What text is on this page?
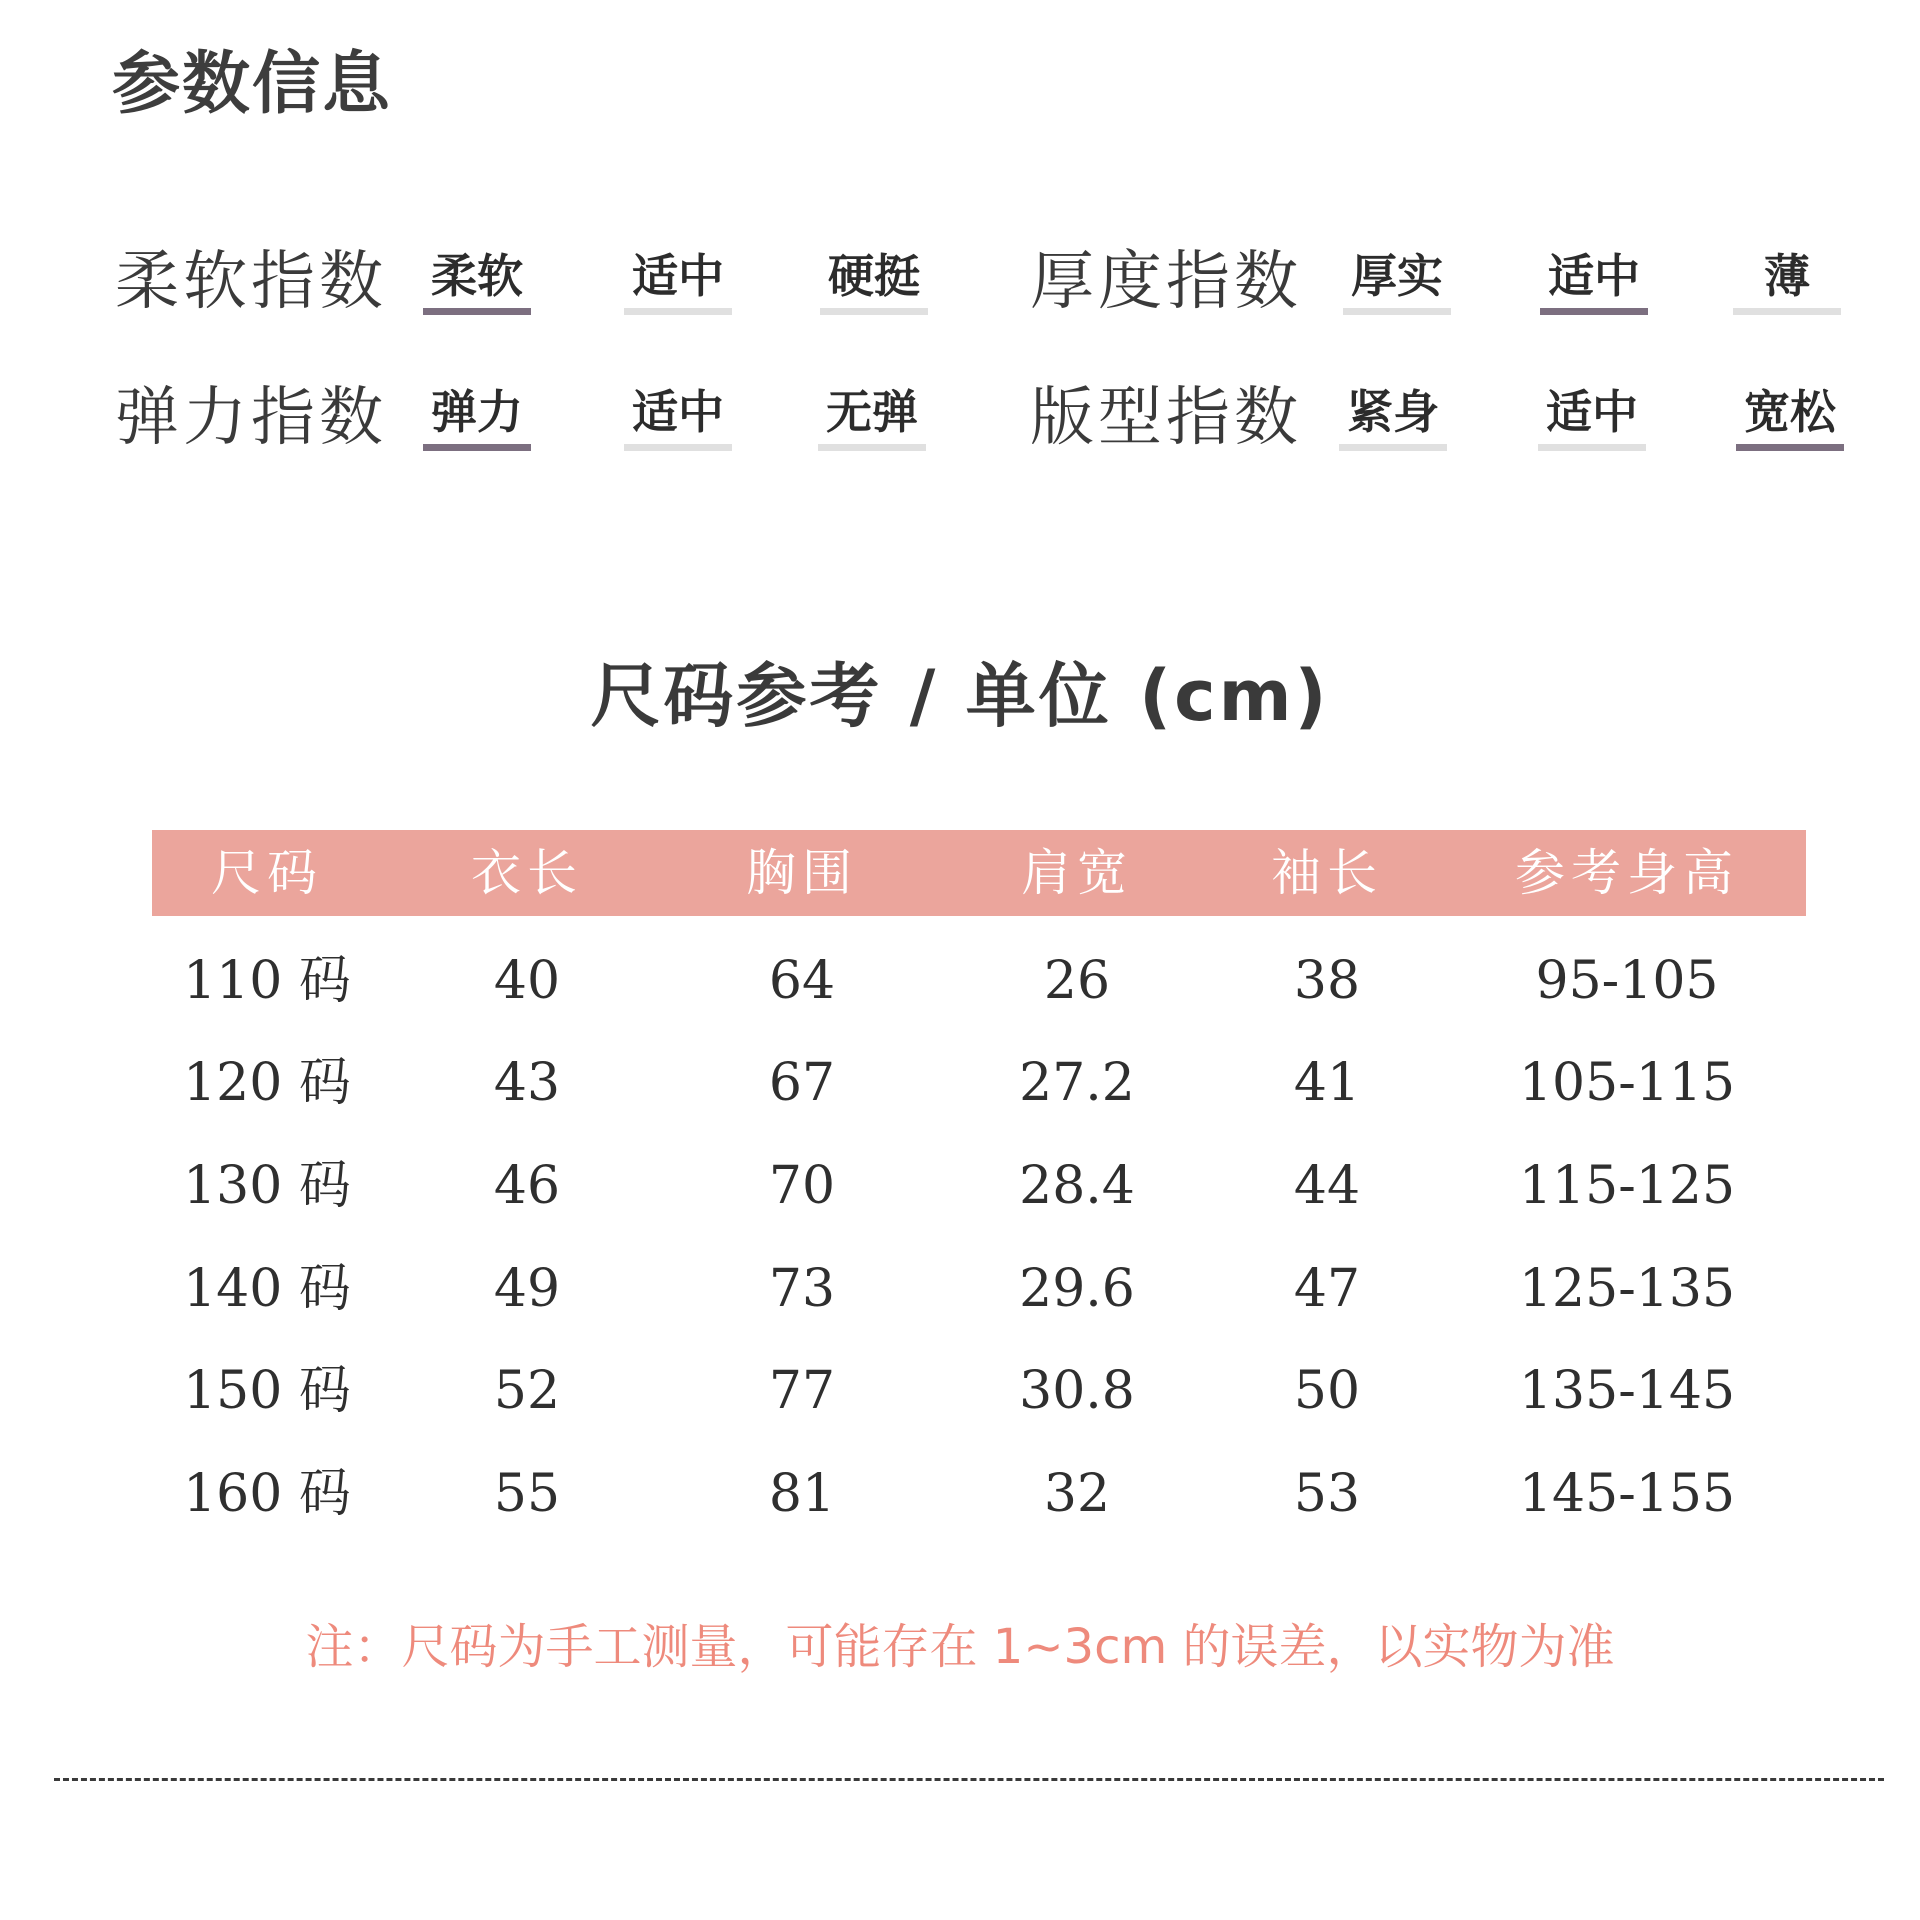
参数信息
柔软指数 柔软 适中 硬挺 厚度指数 厚实 适中	薄
弹力指数 弹力 适中 无弹 版型指数 紧身 适中 宽松
尺码参考 / 单位 (cm)
尺码	衣长	胸围	肩宽	袖长	参考身高
110 码	40	64	26	38	95-105
120 码	43	67	27.2	41	105-115
130 码	46	70	28.4	44	115-125
140 码	49	73	29.6	47	125-135
150 码	52	77	30.8	50	135-145
160 码	55	81	32	53	145-155
注：尺码为手工测量，可能存在 1~3cm 的误差，以实物为准
